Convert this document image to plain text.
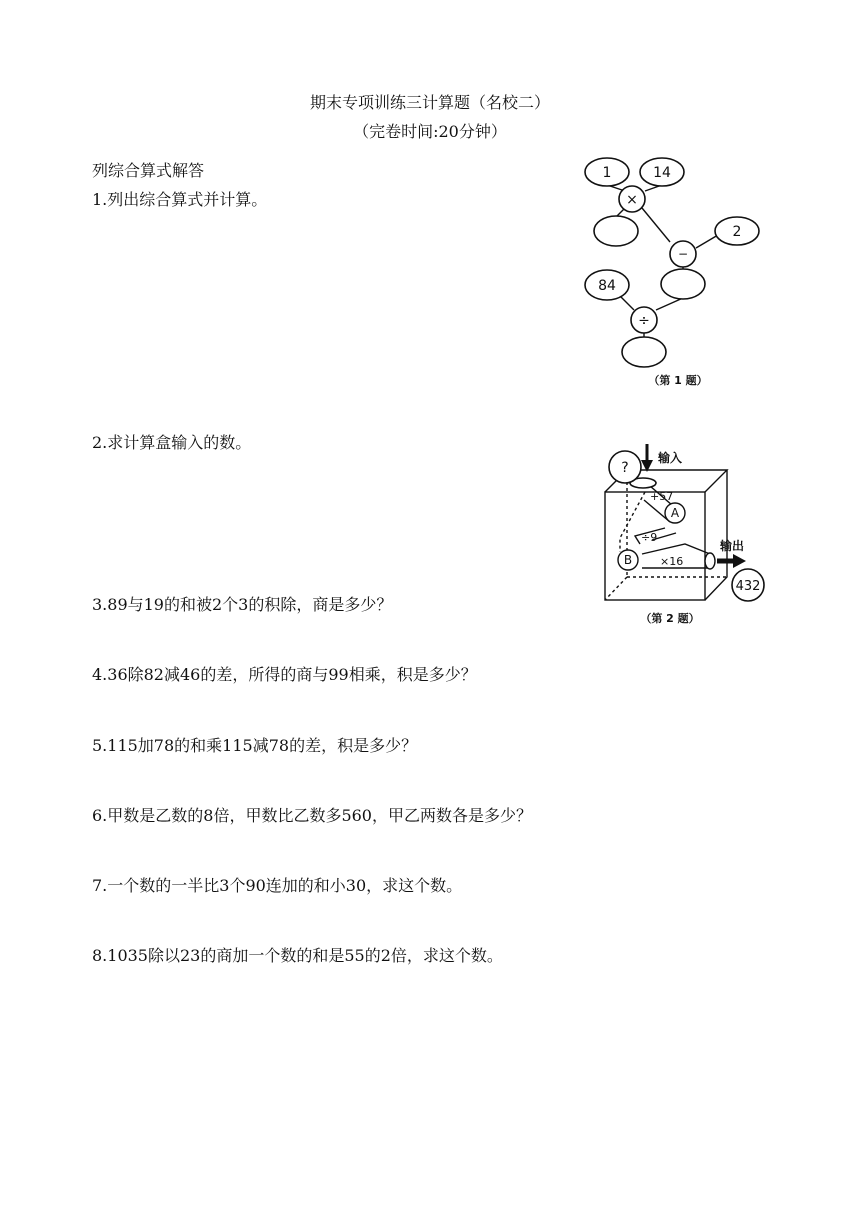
期末专项训练三计算题（名校二）
（完卷时间:20分钟）
列综合算式解答
1.列出综合算式并计算。
2.求计算盒输入的数。
3.89与19的和被2个3的积除，商是多少？
4.36除82减46的差，所得的商与99相乘，积是多少？
5.115加78的和乘115减78的差，积是多少？
6.甲数是乙数的8倍，甲数比乙数多560，甲乙两数各是多少？
7.一个数的一半比3个90连加的和小30，求这个数。
8.1035除以23的商加一个数的和是55的2倍，求这个数。
1	14
×
−
2
84
÷
（第 1 题）
?
输入
+57
A
÷9
B	×16
输出
432
（第 2 题）
